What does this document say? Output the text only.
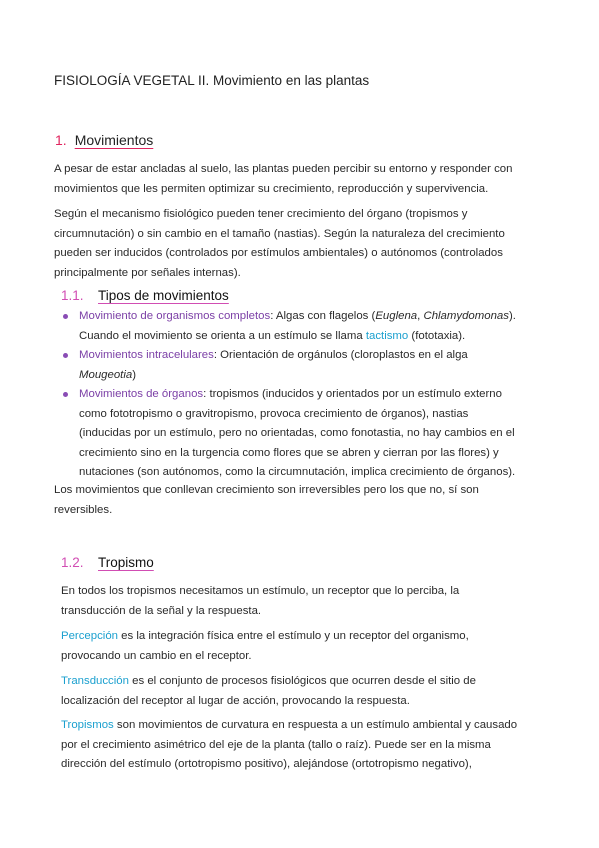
FISIOLOGÍA VEGETAL II. Movimiento en las plantas
1. Movimientos
A pesar de estar ancladas al suelo, las plantas pueden percibir su entorno y responder con
movimientos que les permiten optimizar su crecimiento, reproducción y supervivencia.
Según el mecanismo fisiológico pueden tener crecimiento del órgano (tropismos y
circumnutación) o sin cambio en el tamaño (nastias). Según la naturaleza del crecimiento
pueden ser inducidos (controlados por estímulos ambientales) o autónomos (controlados
principalmente por señales internas).
1.1. Tipos de movimientos
Movimiento de organismos completos: Algas con flagelos (Euglena, Chlamydomonas).
Cuando el movimiento se orienta a un estímulo se llama tactismo (fototaxia).
Movimientos intracelulares: Orientación de orgánulos (cloroplastos en el alga
Mougeotia)
Movimientos de órganos: tropismos (inducidos y orientados por un estímulo externo
como fototropismo o gravitropismo, provoca crecimiento de órganos), nastias
(inducidas por un estímulo, pero no orientadas, como fonotastia, no hay cambios en el
crecimiento sino en la turgencia como flores que se abren y cierran por las flores) y
nutaciones (son autónomos, como la circumnutación, implica crecimiento de órganos).
Los movimientos que conllevan crecimiento son irreversibles pero los que no, sí son
reversibles.
1.2. Tropismo
En todos los tropismos necesitamos un estímulo, un receptor que lo perciba, la
transducción de la señal y la respuesta.
Percepción es la integración física entre el estímulo y un receptor del organismo,
provocando un cambio en el receptor.
Transducción es el conjunto de procesos fisiológicos que ocurren desde el sitio de
localización del receptor al lugar de acción, provocando la respuesta.
Tropismos son movimientos de curvatura en respuesta a un estímulo ambiental y causado
por el crecimiento asimétrico del eje de la planta (tallo o raíz). Puede ser en la misma
dirección del estímulo (ortotropismo positivo), alejándose (ortotropismo negativo),
